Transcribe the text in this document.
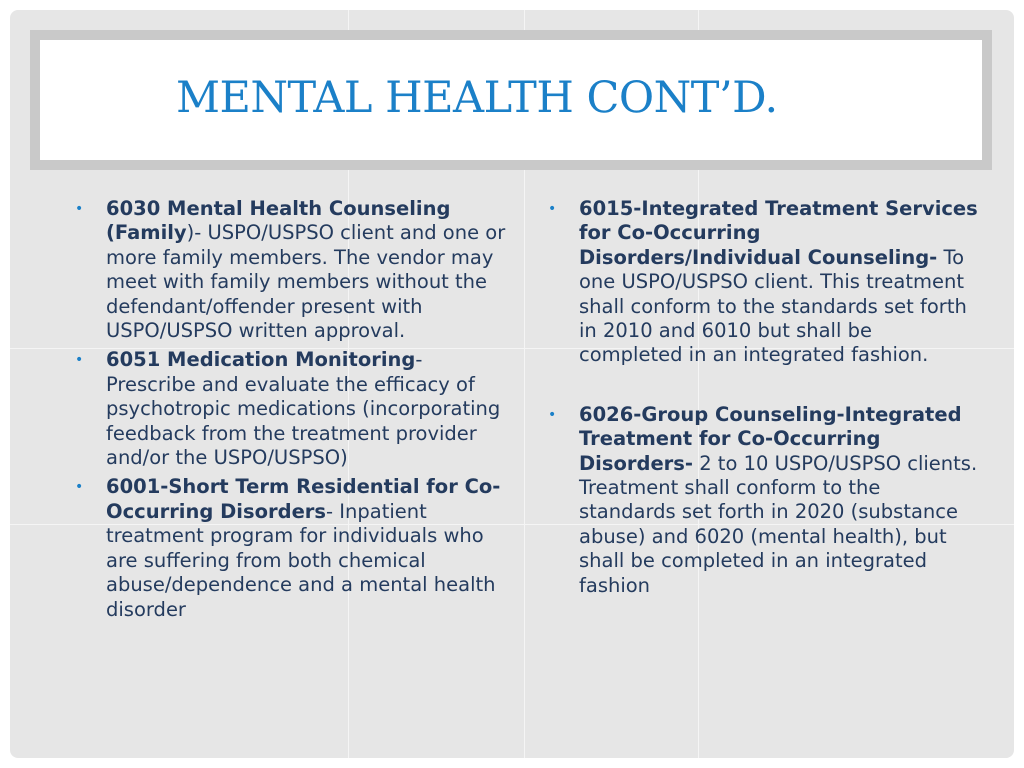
MENTAL HEALTH CONT’D.
• 6030 Mental Health Counseling (Family)- USPO/USPSO client and one or more family members. The vendor may meet with family members without the defendant/offender present with USPO/USPSO written approval.
• 6051 Medication Monitoring- Prescribe and evaluate the efficacy of psychotropic medications (incorporating feedback from the treatment provider and/or the USPO/USPSO)
• 6001-Short Term Residential for Co-Occurring Disorders- Inpatient treatment program for individuals who are suffering from both chemical abuse/dependence and a mental health disorder
• 6015-Integrated Treatment Services for Co-Occurring Disorders/Individual Counseling- To one USPO/USPSO client. This treatment shall conform to the standards set forth in 2010 and 6010 but shall be completed in an integrated fashion.
• 6026-Group Counseling-Integrated Treatment for Co-Occurring Disorders- 2 to 10 USPO/USPSO clients. Treatment shall conform to the standards set forth in 2020 (substance abuse) and 6020 (mental health), but shall be completed in an integrated fashion
